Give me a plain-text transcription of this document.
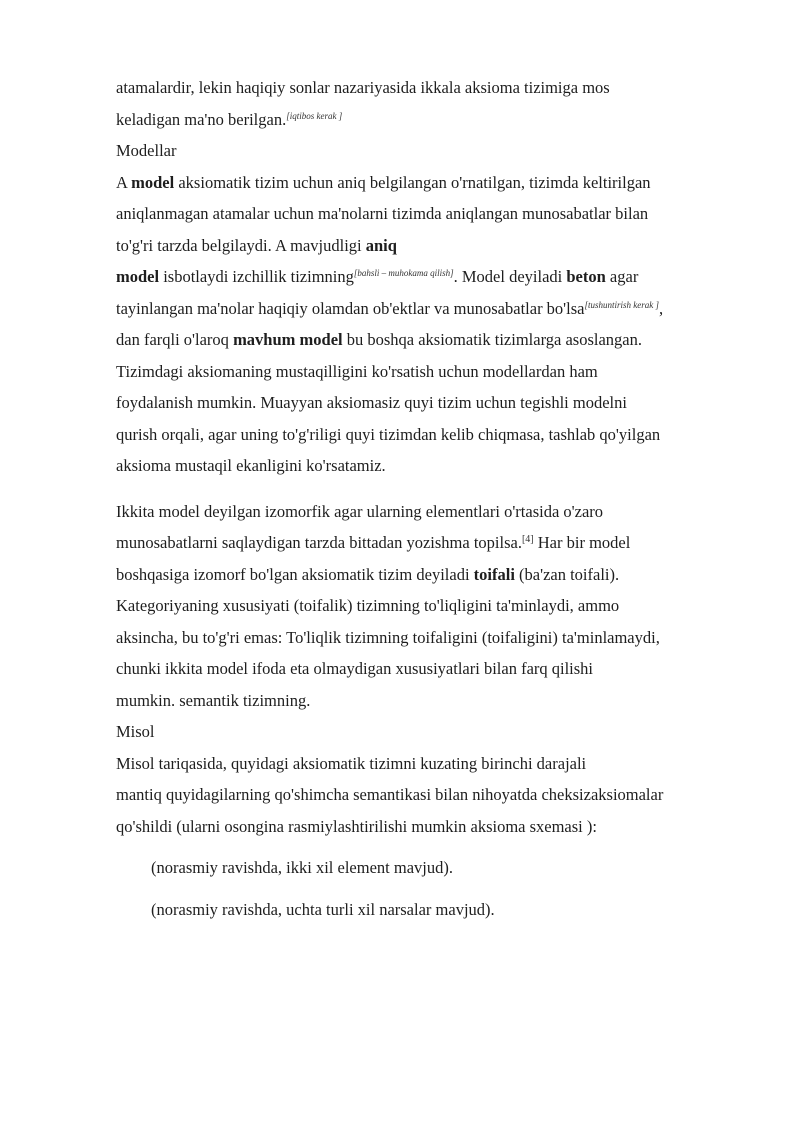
atamalardir, lekin haqiqiy sonlar nazariyasida ikkala aksioma tizimiga mos
keladigan ma'no berilgan.[iqtibos kerak ]
Modellar
A model aksiomatik tizim uchun aniq belgilangan o'rnatilgan, tizimda keltirilgan
aniqlanmagan atamalar uchun ma'nolarni tizimda aniqlangan munosabatlar bilan
to'g'ri tarzda belgilaydi. A mavjudligi aniq
model isbotlaydi izchillik tizimning[bahsli – muhokama qilish]. Model deyiladi beton agar
tayinlangan ma'nolar haqiqiy olamdan ob'ektlar va munosabatlar bo'lsa[tushuntirish kerak ],
dan farqli o'laroq mavhum model bu boshqa aksiomatik tizimlarga asoslangan.
Tizimdagi aksiomaning mustaqilligini ko'rsatish uchun modellardan ham
foydalanish mumkin. Muayyan aksiomasiz quyi tizim uchun tegishli modelni
qurish orqali, agar uning to'g'riligi quyi tizimdan kelib chiqmasa, tashlab qo'yilgan
aksioma mustaqil ekanligini ko'rsatamiz.
Ikkita model deyilgan izomorfik agar ularning elementlari o'rtasida o'zaro
munosabatlarni saqlaydigan tarzda bittadan yozishma topilsa.[4] Har bir model
boshqasiga izomorf bo'lgan aksiomatik tizim deyiladi toifali (ba'zan toifali).
Kategoriyaning xususiyati (toifalik) tizimning to'liqligini ta'minlaydi, ammo
aksincha, bu to'g'ri emas: To'liqlik tizimning toifaligini (toifaligini) ta'minlamaydi,
chunki ikkita model ifoda eta olmaydigan xususiyatlari bilan farq qilishi
mumkin. semantik tizimning.
Misol
Misol tariqasida, quyidagi aksiomatik tizimni kuzating birinchi darajali
mantiq quyidagilarning qo'shimcha semantikasi bilan nihoyatda cheksizaksiomalar
qo'shildi (ularni osongina rasmiylashtirilishi mumkin aksioma sxemasi ):
(norasmiy ravishda, ikki xil element mavjud).
(norasmiy ravishda, uchta turli xil narsalar mavjud).
